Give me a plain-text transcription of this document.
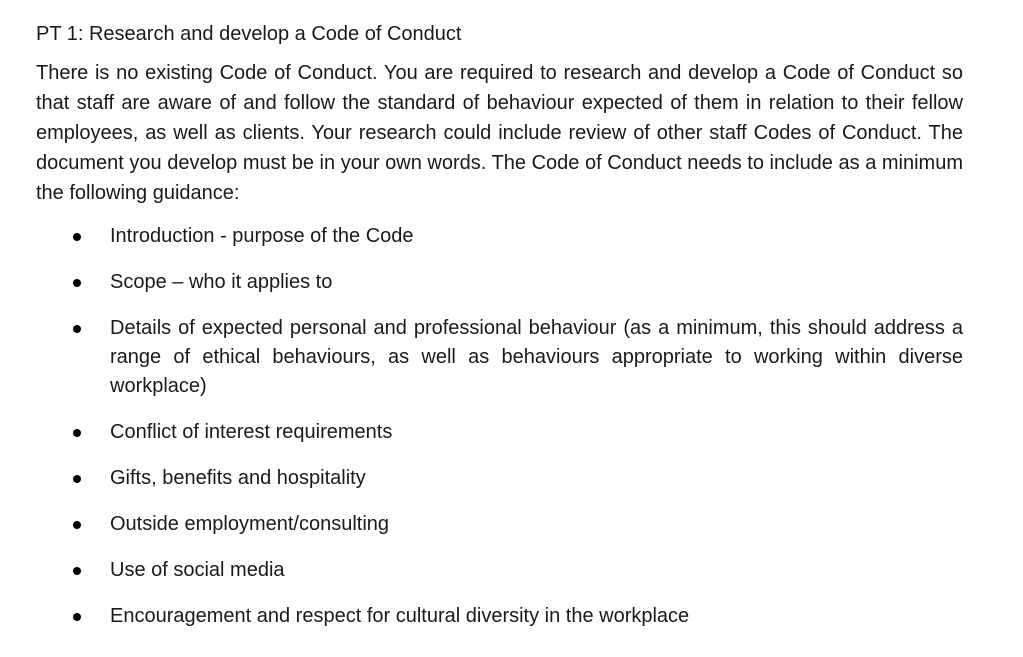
PT 1: Research and develop a Code of Conduct

There is no existing Code of Conduct. You are required to research and develop a Code of Conduct so that staff are aware of and follow the standard of behaviour expected of them in relation to their fellow employees, as well as clients. Your research could include review of other staff Codes of Conduct. The document you develop must be in your own words. The Code of Conduct needs to include as a minimum the following guidance:

Introduction - purpose of the Code
Scope – who it applies to
Details of expected personal and professional behaviour (as a minimum, this should address a range of ethical behaviours, as well as behaviours appropriate to working within diverse workplace)
Conflict of interest requirements
Gifts, benefits and hospitality
Outside employment/consulting
Use of social media
Encouragement and respect for cultural diversity in the workplace
